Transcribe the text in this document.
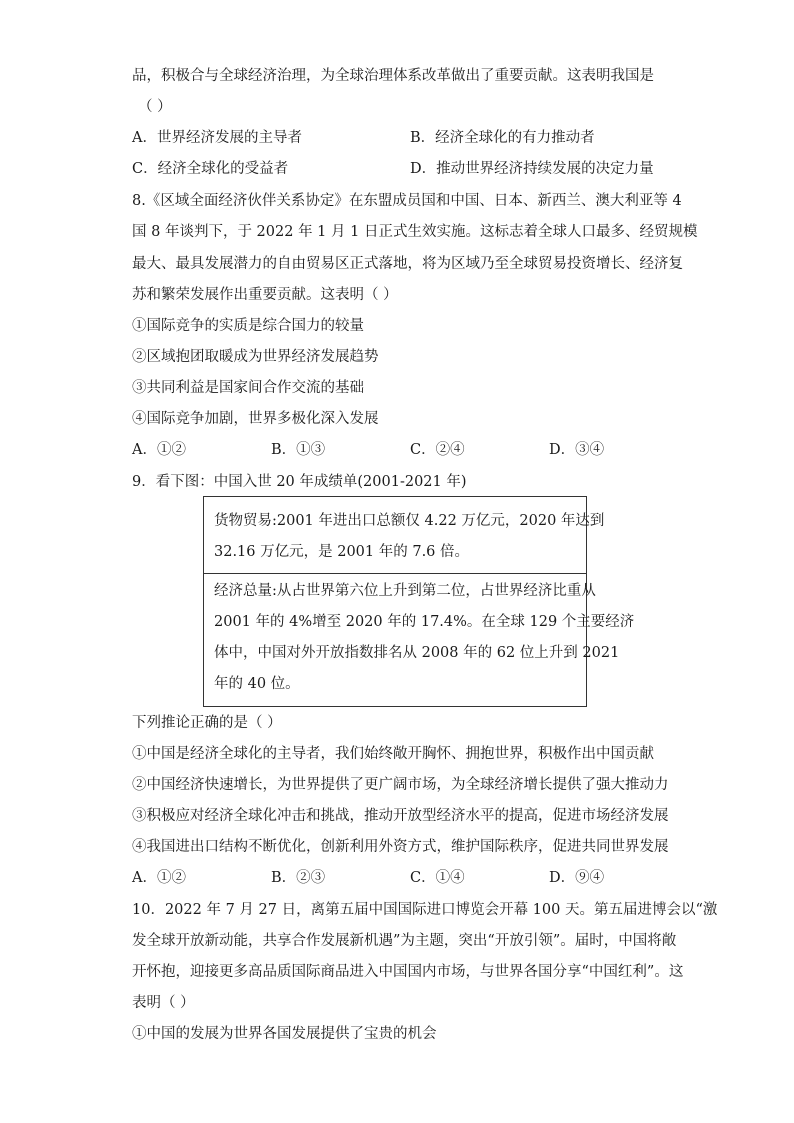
品，积极合与全球经济治理，为全球治理体系改革做出了重要贡献。这表明我国是
（ ）
A．世界经济发展的主导者	B．经济全球化的有力推动者
C．经济全球化的受益者	D．推动世界经济持续发展的决定力量
8.《区域全面经济伙伴关系协定》在东盟成员国和中国、日本、新西兰、澳大利亚等 4
国 8 年谈判下，于 2022 年 1 月 1 日正式生效实施。这标志着全球人口最多、经贸规模
最大、最具发展潜力的自由贸易区正式落地，将为区域乃至全球贸易投资增长、经济复
苏和繁荣发展作出重要贡献。这表明（ ）
①国际竞争的实质是综合国力的较量
②区域抱团取暖成为世界经济发展趋势
③共同利益是国家间合作交流的基础
④国际竞争加剧，世界多极化深入发展
A．①②	B．①③	C．②④	D．③④
9．看下图：中国入世 20 年成绩单(2001-2021 年)
货物贸易:2001 年进出口总额仅 4.22 万亿元，2020 年达到
32.16 万亿元，是 2001 年的 7.6 倍。
经济总量:从占世界第六位上升到第二位，占世界经济比重从
2001 年的 4%增至 2020 年的 17.4%。在全球 129 个主要经济
体中，中国对外开放指数排名从 2008 年的 62 位上升到 2021
年的 40 位。
下列推论正确的是（ ）
①中国是经济全球化的主导者，我们始终敞开胸怀、拥抱世界，积极作出中国贡献
②中国经济快速增长，为世界提供了更广阔市场，为全球经济增长提供了强大推动力
③积极应对经济全球化冲击和挑战，推动开放型经济水平的提高，促进市场经济发展
④我国进出口结构不断优化，创新利用外资方式，维护国际秩序，促进共同世界发展
A．①②	B．②③	C．①④	D．⑨④
10．2022 年 7 月 27 日，离第五届中国国际进口博览会开幕 100 天。第五届进博会以“激
发全球开放新动能，共享合作发展新机遇”为主题，突出“开放引领”。届时，中国将敞
开怀抱，迎接更多高品质国际商品进入中国国内市场，与世界各国分享“中国红利”。这
表明（ ）
①中国的发展为世界各国发展提供了宝贵的机会
